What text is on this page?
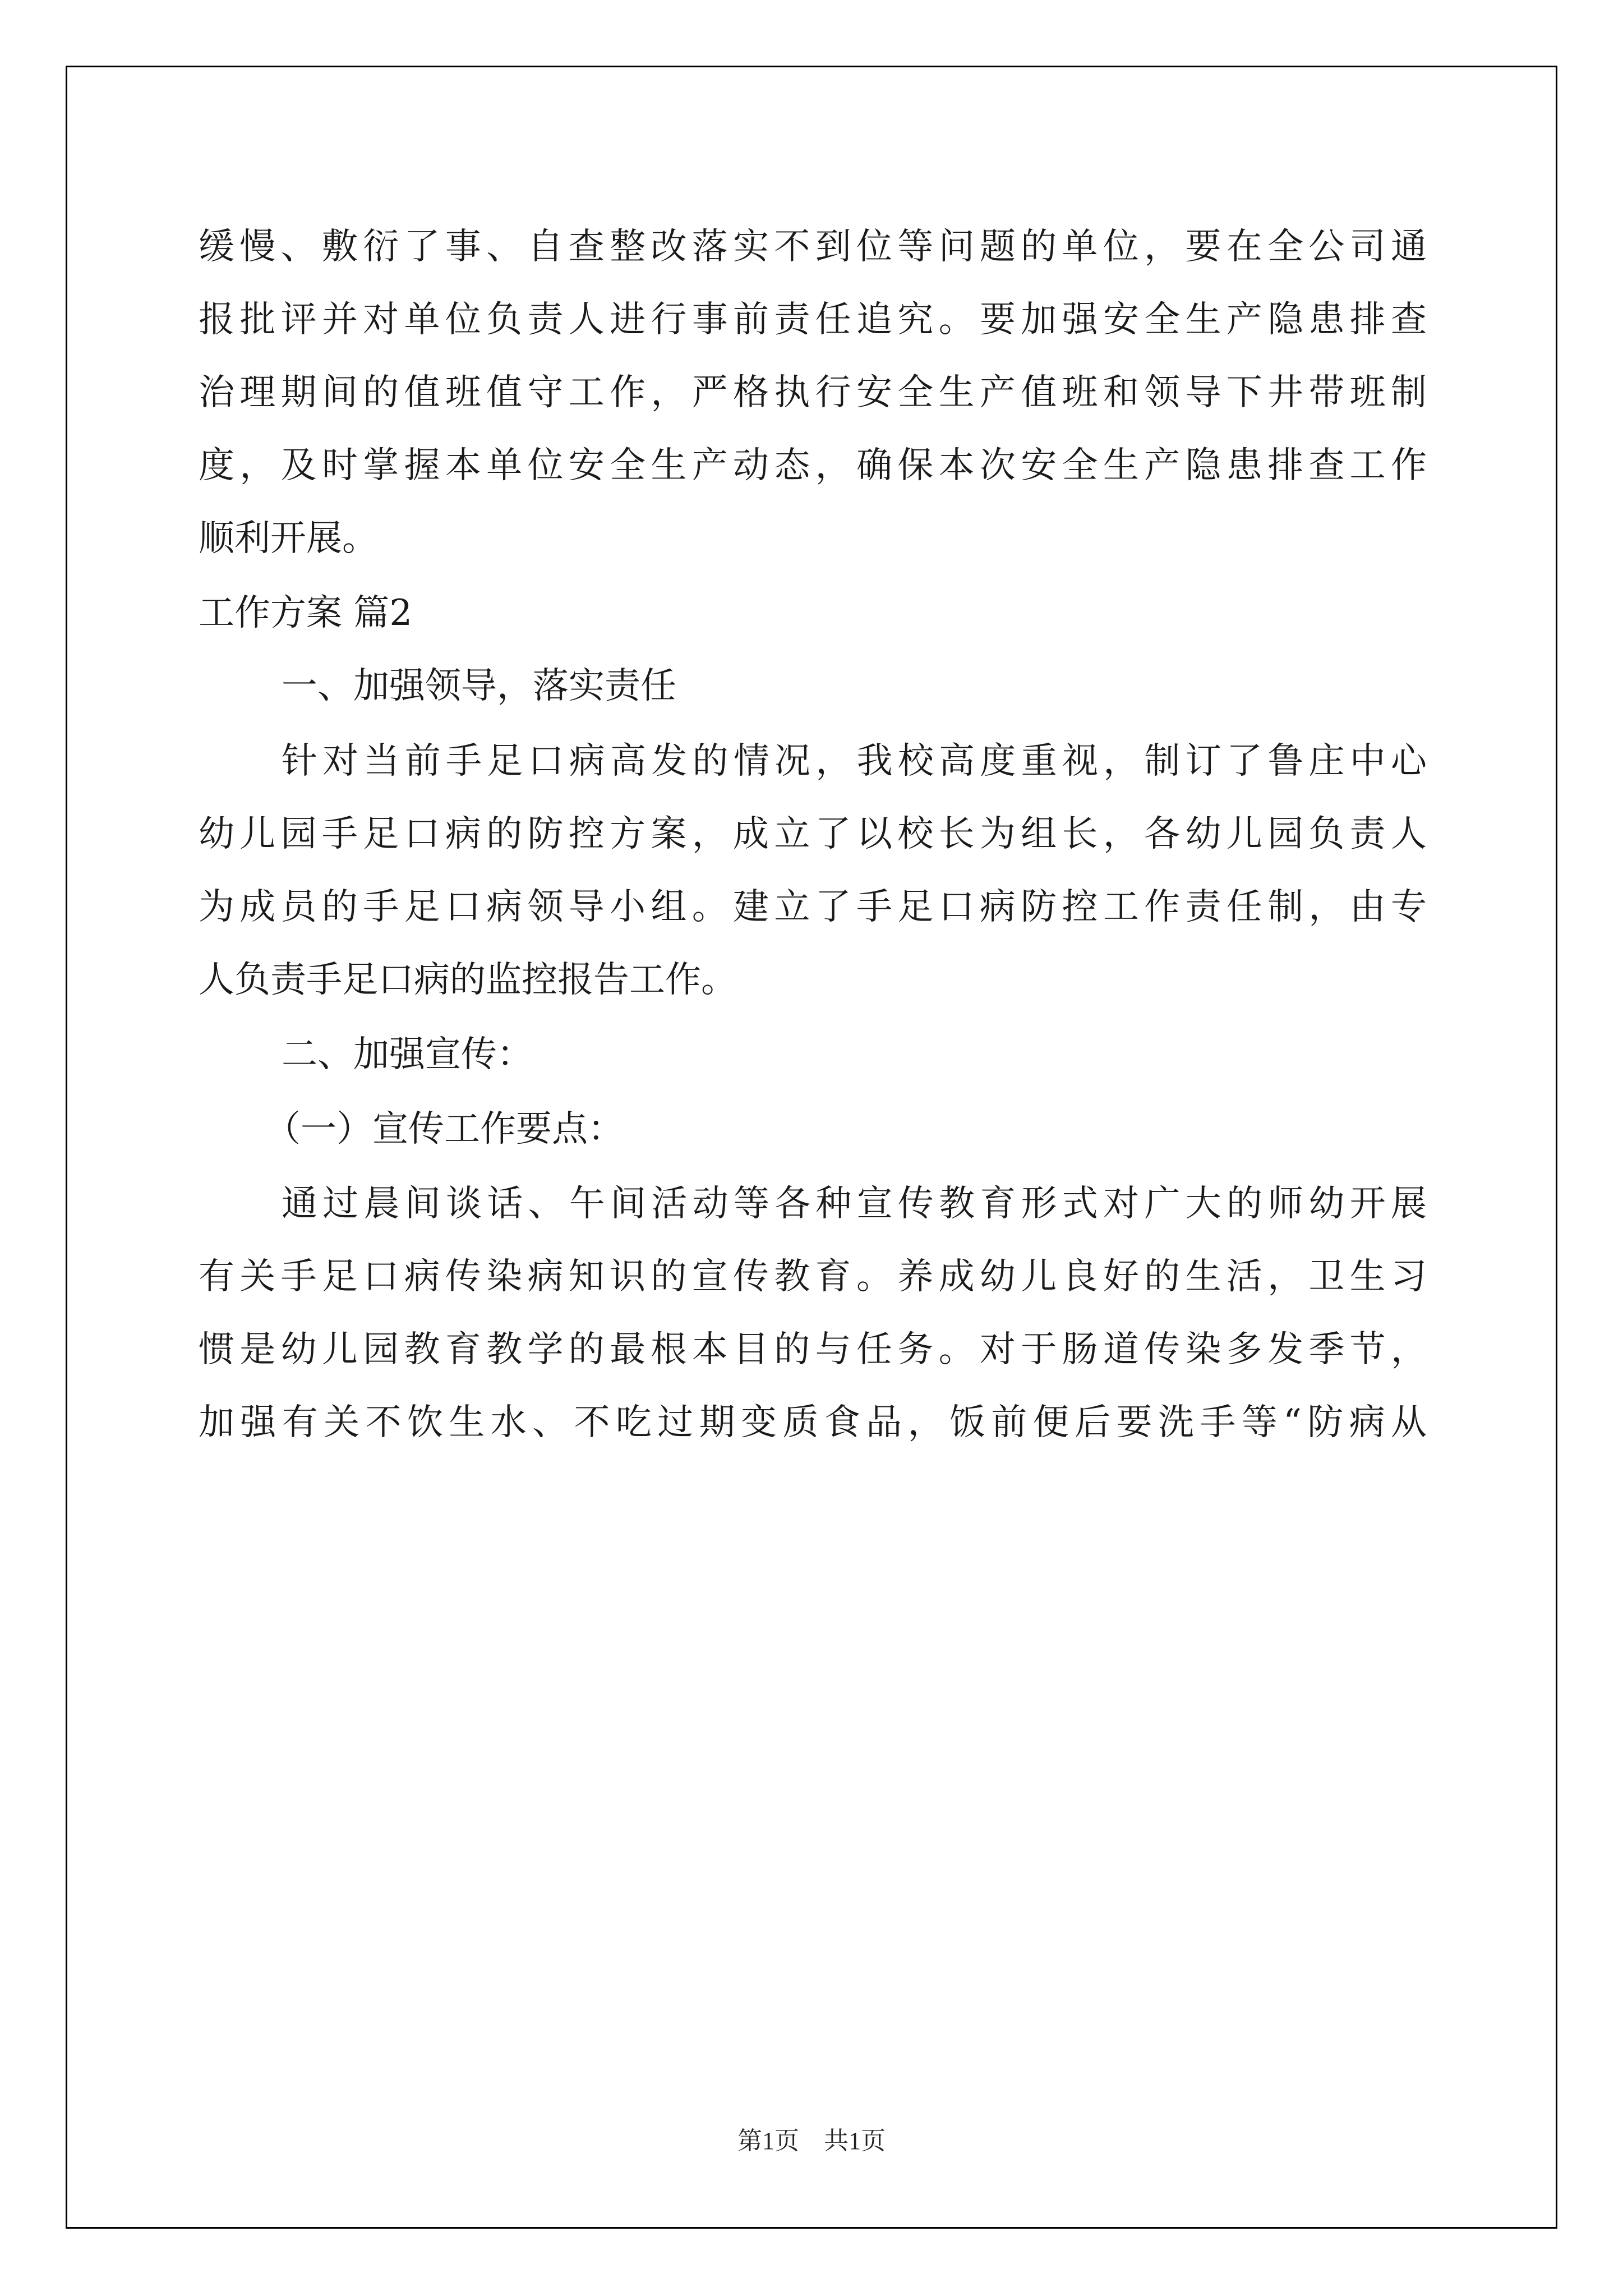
缓慢、敷衍了事、自查整改落实不到位等问题的单位，要在全公司通
报批评并对单位负责人进行事前责任追究。要加强安全生产隐患排查
治理期间的值班值守工作，严格执行安全生产值班和领导下井带班制
度，及时掌握本单位安全生产动态，确保本次安全生产隐患排查工作
顺利开展。
工作方案 篇2
一、加强领导，落实责任
针对当前手足口病高发的情况，我校高度重视，制订了鲁庄中心
幼儿园手足口病的防控方案，成立了以校长为组长，各幼儿园负责人
为成员的手足口病领导小组。建立了手足口病防控工作责任制，由专
人负责手足口病的监控报告工作。
二、加强宣传：
（一）宣传工作要点：
通过晨间谈话、午间活动等各种宣传教育形式对广大的师幼开展
有关手足口病传染病知识的宣传教育。养成幼儿良好的生活，卫生习
惯是幼儿园教育教学的最根本目的与任务。对于肠道传染多发季节，
加强有关不饮生水、不吃过期变质食品，饭前便后要洗手等“防病从
第1页　共1页
